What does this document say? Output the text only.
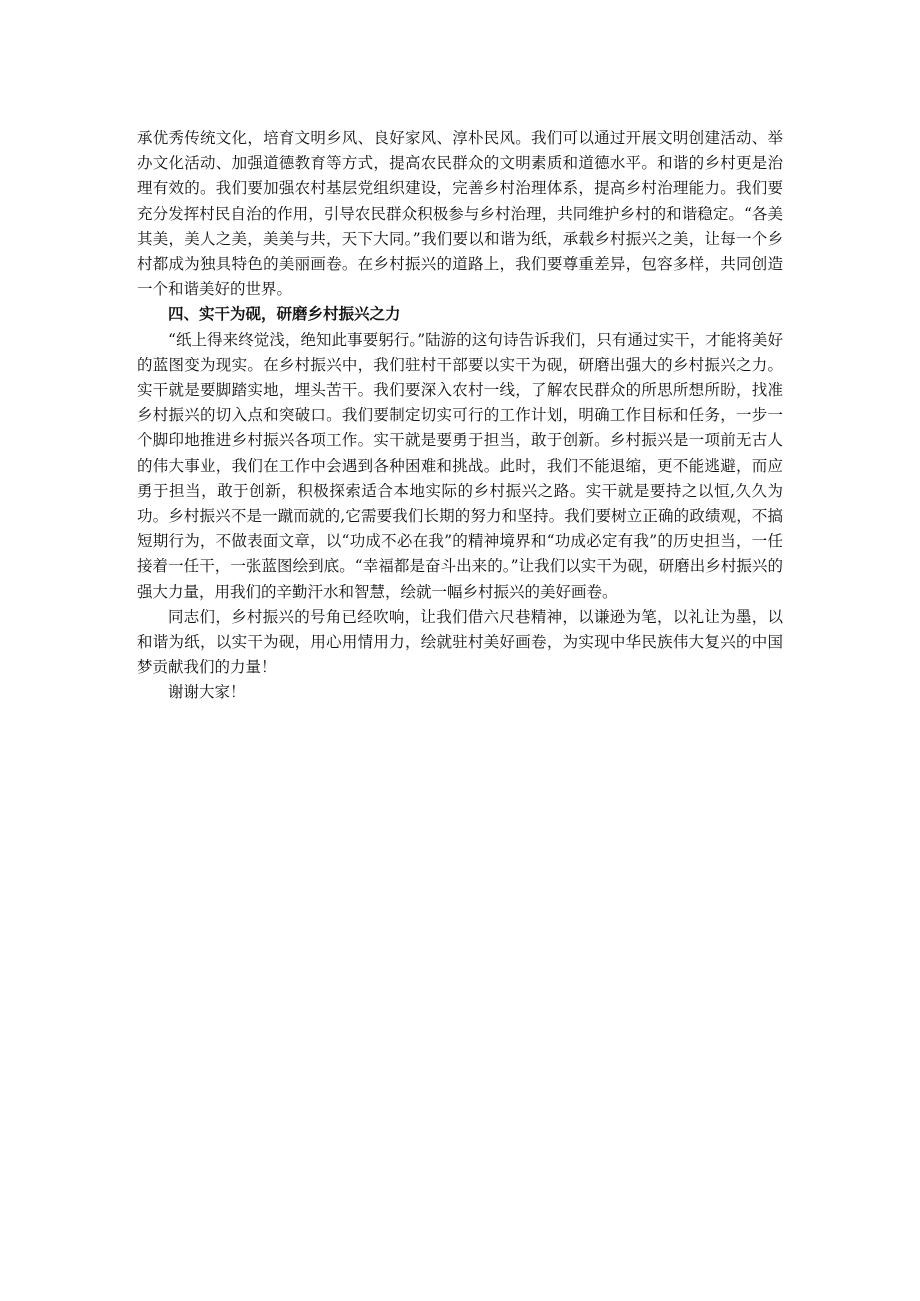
承优秀传统文化，培育文明乡风、良好家风、淳朴民风。我们可以通过开展文明创建活动、举办文化活动、加强道德教育等方式，提高农民群众的文明素质和道德水平。和谐的乡村更是治理有效的。我们要加强农村基层党组织建设，完善乡村治理体系，提高乡村治理能力。我们要充分发挥村民自治的作用，引导农民群众积极参与乡村治理，共同维护乡村的和谐稳定。“各美其美，美人之美，美美与共，天下大同。”我们要以和谐为纸，承载乡村振兴之美，让每一个乡村都成为独具特色的美丽画卷。在乡村振兴的道路上，我们要尊重差异，包容多样，共同创造一个和谐美好的世界。

四、实干为砚，研磨乡村振兴之力

“纸上得来终觉浅，绝知此事要躬行。”陆游的这句诗告诉我们，只有通过实干，才能将美好的蓝图变为现实。在乡村振兴中，我们驻村干部要以实干为砚，研磨出强大的乡村振兴之力。实干就是要脚踏实地，埋头苦干。我们要深入农村一线，了解农民群众的所思所想所盼，找准乡村振兴的切入点和突破口。我们要制定切实可行的工作计划，明确工作目标和任务，一步一个脚印地推进乡村振兴各项工作。实干就是要勇于担当，敢于创新。乡村振兴是一项前无古人的伟大事业，我们在工作中会遇到各种困难和挑战。此时，我们不能退缩，更不能逃避，而应勇于担当，敢于创新，积极探索适合本地实际的乡村振兴之路。实干就是要持之以恒,久久为功。乡村振兴不是一蹴而就的,它需要我们长期的努力和坚持。我们要树立正确的政绩观，不搞短期行为，不做表面文章，以“功成不必在我”的精神境界和“功成必定有我”的历史担当，一任接着一任干，一张蓝图绘到底。“幸福都是奋斗出来的。”让我们以实干为砚，研磨出乡村振兴的强大力量，用我们的辛勤汗水和智慧，绘就一幅乡村振兴的美好画卷。

同志们，乡村振兴的号角已经吹响，让我们借六尺巷精神，以谦逊为笔，以礼让为墨，以和谐为纸，以实干为砚，用心用情用力，绘就驻村美好画卷，为实现中华民族伟大复兴的中国梦贡献我们的力量！

谢谢大家！
